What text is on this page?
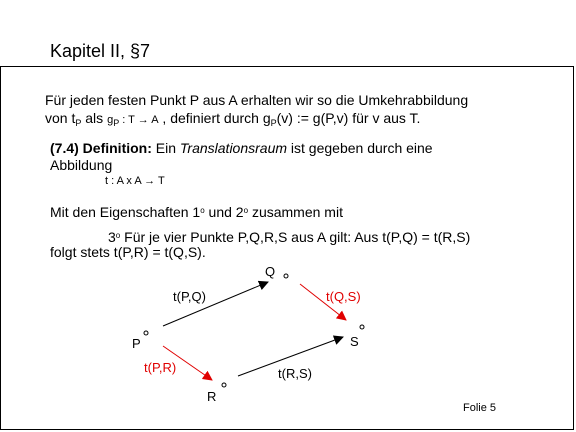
Kapitel II, §7
Für jeden festen Punkt P aus A erhalten wir so die Umkehrabbildung
von $t_P$ als $g_P$ : T → A , definiert durch $g_P(v)$ := g(P,v) für v aus T.
(7.4) Definition: Ein Translationsraum ist gegeben durch eine
Abbildung
t : A x A → T
Mit den Eigenschaften 1$^o$ und 2$^o$ zusammen mit
3$^o$ Für je vier Punkte P,Q,R,S aus A gilt: Aus t(P,Q) = t(R,S)
folgt stets t(P,R) = t(Q,S).
Q
P	S
R
t(P,Q)	t(Q,S)
t(P,R)	t(R,S)
Folie 5
